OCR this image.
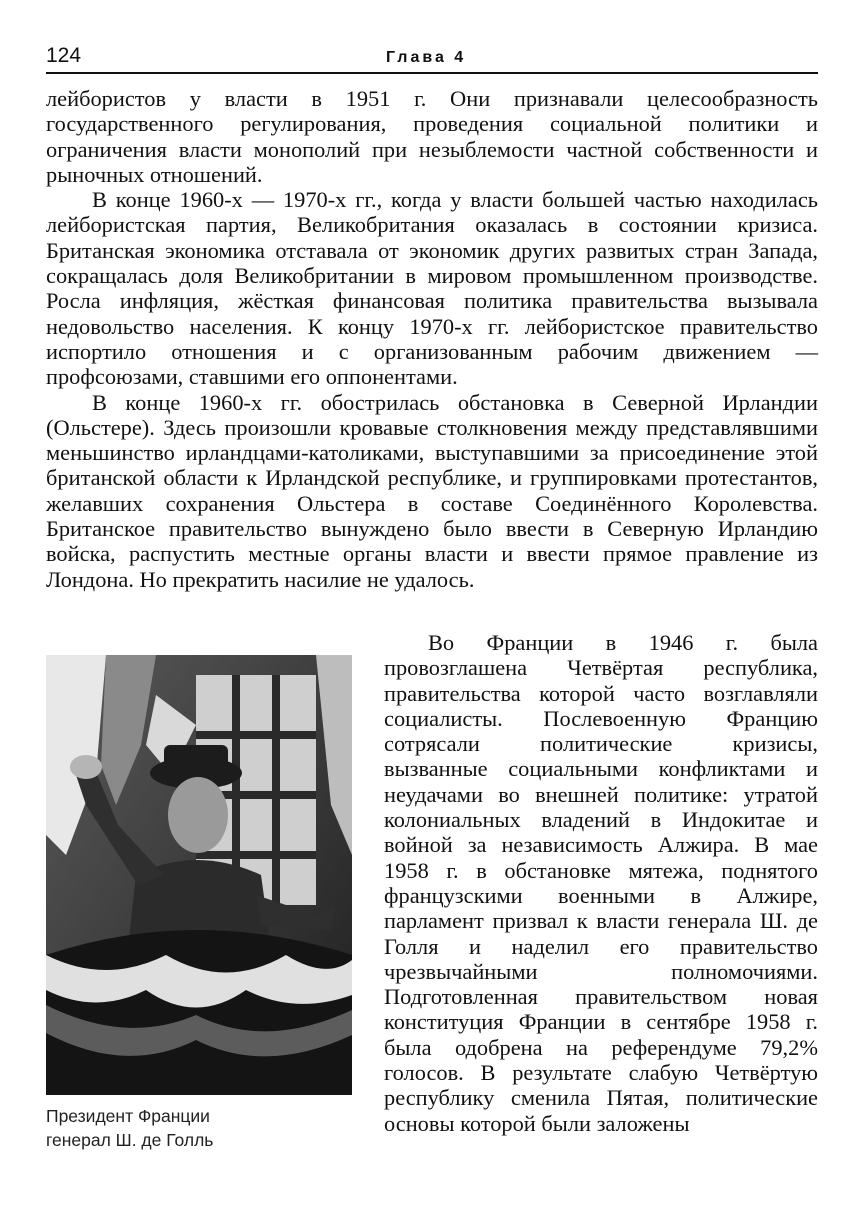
124	Глава 4

лейбористов у власти в 1951 г. Они признавали целесообразность государственного регулирования, проведения социальной политики и ограничения власти монополий при незыблемости частной собственности и рыночных отношений.

В конце 1960-х — 1970-х гг., когда у власти большей частью находилась лейбористская партия, Великобритания оказалась в состоянии кризиса. Британская экономика отставала от экономик других развитых стран Запада, сокращалась доля Великобритании в мировом промышленном производстве. Росла инфляция, жёсткая финансовая политика правительства вызывала недовольство населения. К концу 1970-х гг. лейбористское правительство испортило отношения и с организованным рабочим движением — профсоюзами, ставшими его оппонентами.

В конце 1960-х гг. обострилась обстановка в Северной Ирландии (Ольстере). Здесь произошли кровавые столкновения между представлявшими меньшинство ирландцами-католиками, выступавшими за присоединение этой британской области к Ирландской республике, и группировками протестантов, желавших сохранения Ольстера в составе Соединённого Королевства. Британское правительство вынуждено было ввести в Северную Ирландию войска, распустить местные органы власти и ввести прямое правление из Лондона. Но прекратить насилие не удалось.

Во Франции в 1946 г. была провозглашена Четвёртая республика, правительства которой часто возглавляли социалисты. Послевоенную Францию сотрясали политические кризисы, вызванные социальными конфликтами и неудачами во внешней политике: утратой колониальных владений в Индокитае и войной за независимость Алжира. В мае 1958 г. в обстановке мятежа, поднятого французскими военными в Алжире, парламент призвал к власти генерала Ш. де Голля и наделил его правительство чрезвычайными полномочиями. Подготовленная правительством новая конституция Франции в сентябре 1958 г. была одобрена на референдуме 79,2% голосов. В результате слабую Четвёртую республику сменила Пятая, политические основы которой были заложены

Президент Франции
генерал Ш. де Голль
